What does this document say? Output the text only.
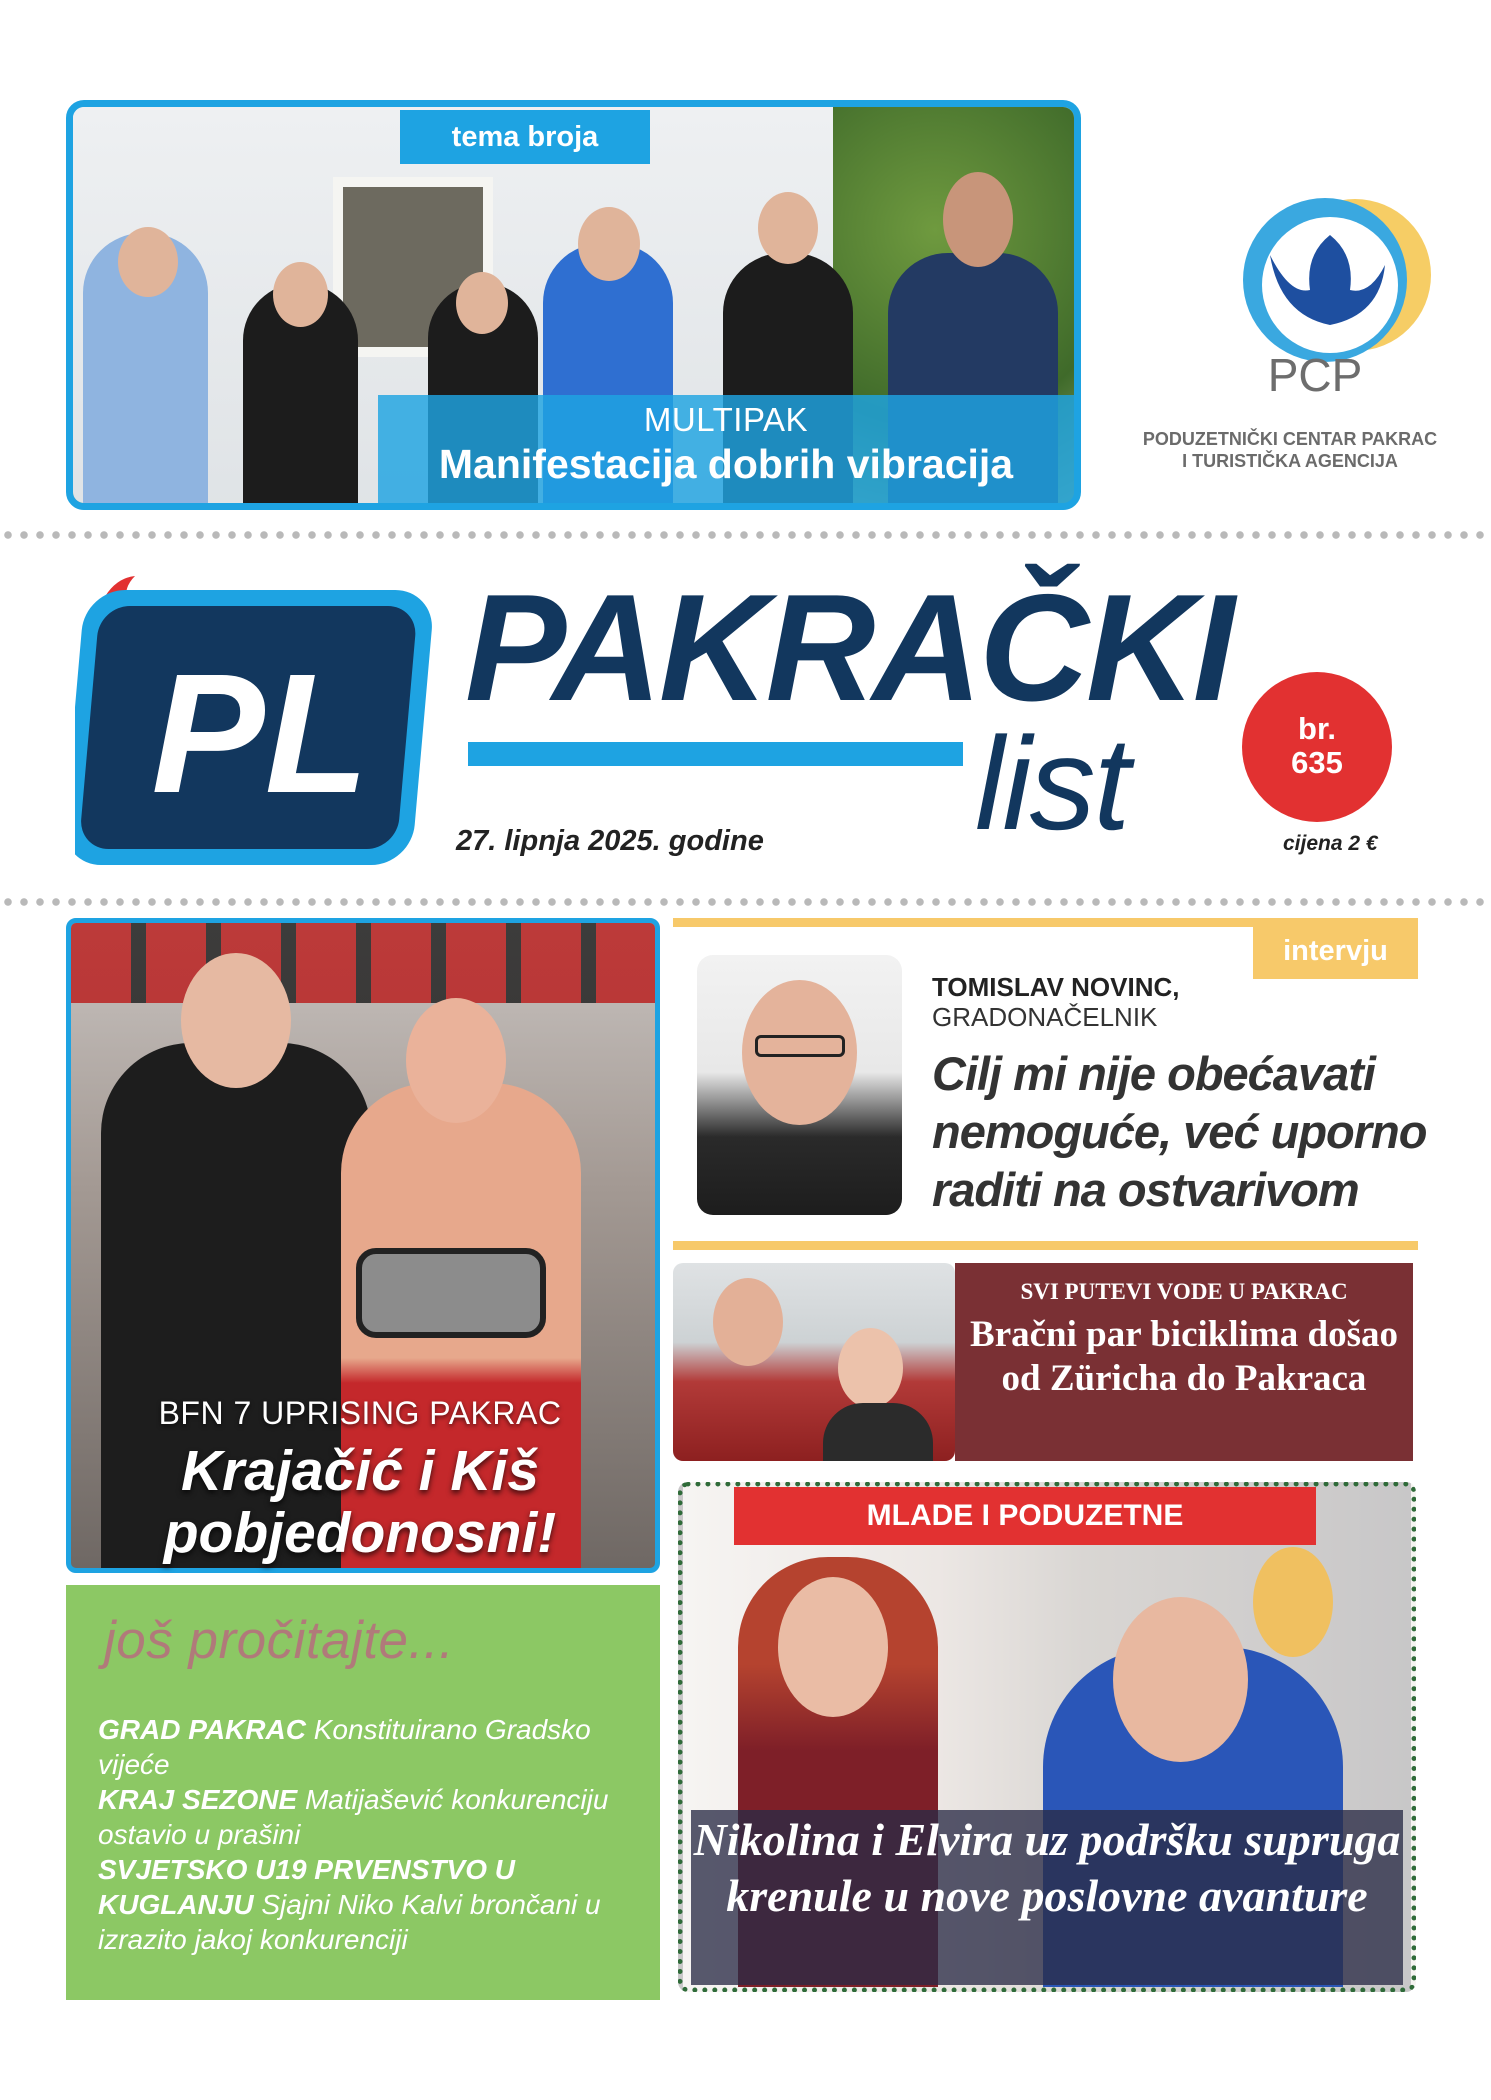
tema broja
MULTIPAK
Manifestacija dobrih vibracija
PCP
PODUZETNIČKI CENTAR PAKRAC
I TURISTIČKA AGENCIJA
PL PAKRAČKI
list
27. lipnja 2025. godine
br.
635
cijena 2 €
BFN 7 UPRISING PAKRAC
Krajačić i Kiš pobjedonosni!
intervju
TOMISLAV NOVINC,
GRADONAČELNIK
Cilj mi nije obećavati nemoguće, već uporno raditi na ostvarivom
SVI PUTEVI VODE U PAKRAC
Bračni par biciklima došao od Züricha do Pakraca
MLADE I PODUZETNE
Nikolina i Elvira uz podršku supruga krenule u nove poslovne avanture
još pročitajte...
GRAD PAKRAC Konstituirano Gradsko vijeće
KRAJ SEZONE Matijašević konkurenciju ostavio u prašini
SVJETSKO U19 PRVENSTVO U KUGLANJU Sjajni Niko Kalvi brončani u izrazito jakoj konkurenciji
